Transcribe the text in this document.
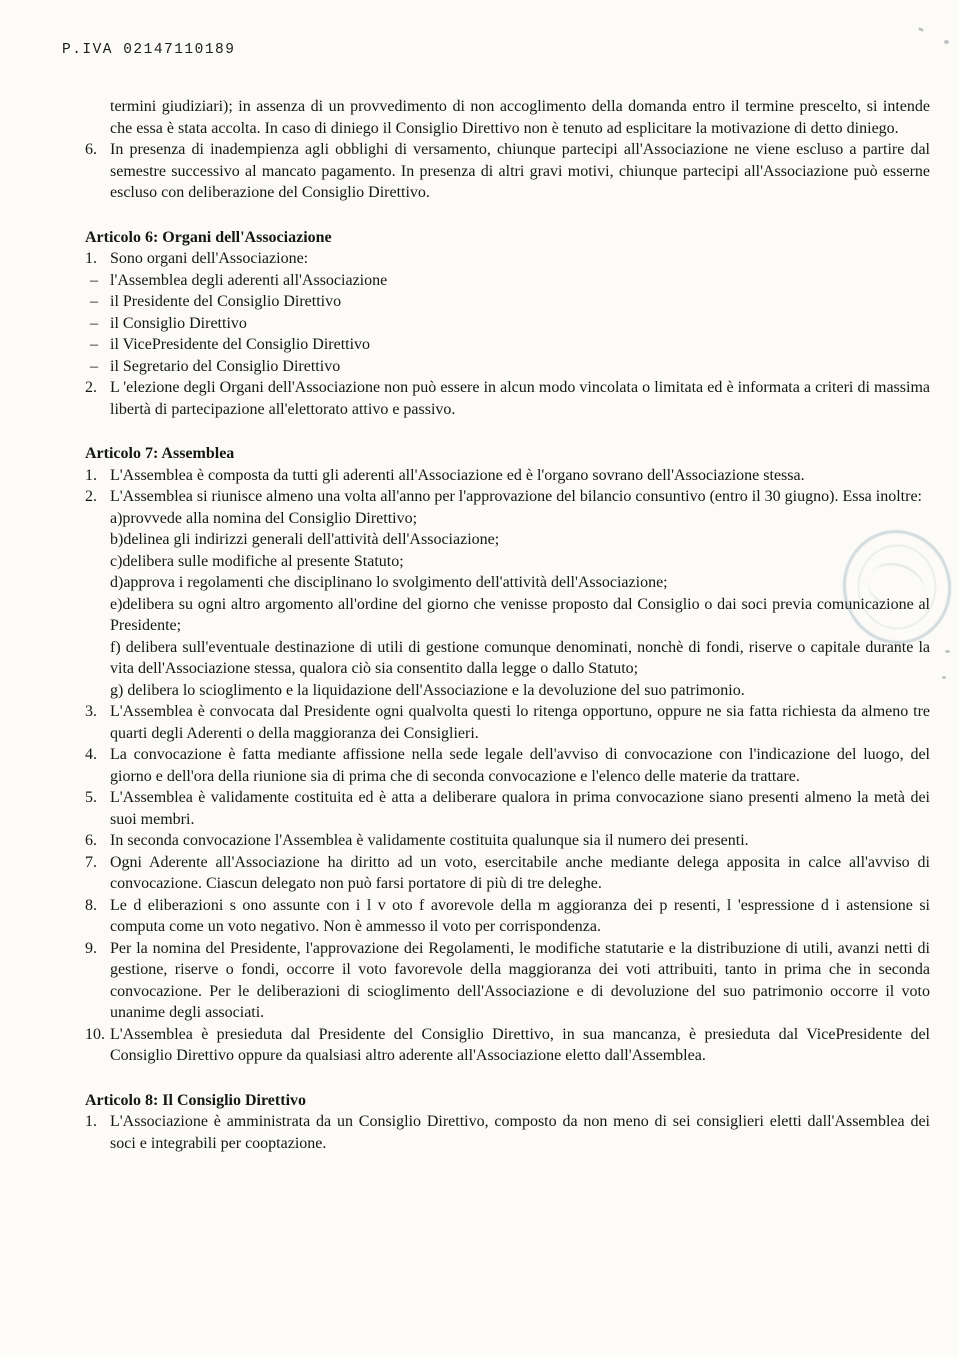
P.IVA 02147110189
termini giudiziari); in assenza di un provvedimento di non accoglimento della domanda entro il termine prescelto, si intende che essa è stata accolta. In caso di diniego il Consiglio Direttivo non è tenuto ad esplicitare la motivazione di detto diniego.
6. In presenza di inadempienza agli obblighi di versamento, chiunque partecipi all'Associazione ne viene escluso a partire dal semestre successivo al mancato pagamento. In presenza di altri gravi motivi, chiunque partecipi all'Associazione può esserne escluso con deliberazione del Consiglio Direttivo.
Articolo 6: Organi dell'Associazione
1. Sono organi dell'Associazione:
– l'Assemblea degli aderenti all'Associazione
– il Presidente del Consiglio Direttivo
– il Consiglio Direttivo
– il VicePresidente del Consiglio Direttivo
– il Segretario del Consiglio Direttivo
2. L 'elezione degli Organi dell'Associazione non può essere in alcun modo vincolata o limitata ed è informata a criteri di massima libertà di partecipazione all'elettorato attivo e passivo.
Articolo 7: Assemblea
1. L'Assemblea è composta da tutti gli aderenti all'Associazione ed è l'organo sovrano dell'Associazione stessa.
2. L'Assemblea si riunisce almeno una volta all'anno per l'approvazione del bilancio consuntivo (entro il 30 giugno). Essa inoltre:
a)provvede alla nomina del Consiglio Direttivo;
b)delinea gli indirizzi generali dell'attività dell'Associazione;
c)delibera sulle modifiche al presente Statuto;
d)approva i regolamenti che disciplinano lo svolgimento dell'attività dell'Associazione;
e)delibera su ogni altro argomento all'ordine del giorno che venisse proposto dal Consiglio o dai soci previa comunicazione al Presidente;
f) delibera sull'eventuale destinazione di utili di gestione comunque denominati, nonchè di fondi, riserve o capitale durante la vita dell'Associazione stessa, qualora ciò sia consentito dalla legge o dallo Statuto;
g) delibera lo scioglimento e la liquidazione dell'Associazione e la devoluzione del suo patrimonio.
3. L'Assemblea è convocata dal Presidente ogni qualvolta questi lo ritenga opportuno, oppure ne sia fatta richiesta da almeno tre quarti degli Aderenti o della maggioranza dei Consiglieri.
4. La convocazione è fatta mediante affissione nella sede legale dell'avviso di convocazione con l'indicazione del luogo, del giorno e dell'ora della riunione sia di prima che di seconda convocazione e l'elenco delle materie da trattare.
5. L'Assemblea è validamente costituita ed è atta a deliberare qualora in prima convocazione siano presenti almeno la metà dei suoi membri.
6. In seconda convocazione l'Assemblea è validamente costituita qualunque sia il numero dei presenti.
7. Ogni Aderente all'Associazione ha diritto ad un voto, esercitabile anche mediante delega apposita in calce all'avviso di convocazione. Ciascun delegato non può farsi portatore di più di tre deleghe.
8. Le d eliberazioni s ono assunte con i l v oto f avorevole della m aggioranza dei p resenti, l 'espressione d i astensione si computa come un voto negativo. Non è ammesso il voto per corrispondenza.
9. Per la nomina del Presidente, l'approvazione dei Regolamenti, le modifiche statutarie e la distribuzione di utili, avanzi netti di gestione, riserve o fondi, occorre il voto favorevole della maggioranza dei voti attribuiti, tanto in prima che in seconda convocazione. Per le deliberazioni di scioglimento dell'Associazione e di devoluzione del suo patrimonio occorre il voto unanime degli associati.
10. L'Assemblea è presieduta dal Presidente del Consiglio Direttivo, in sua mancanza, è presieduta dal VicePresidente del Consiglio Direttivo oppure da qualsiasi altro aderente all'Associazione eletto dall'Assemblea.
Articolo 8: Il Consiglio Direttivo
1. L'Associazione è amministrata da un Consiglio Direttivo, composto da non meno di sei consiglieri eletti dall'Assemblea dei soci e integrabili per cooptazione.
